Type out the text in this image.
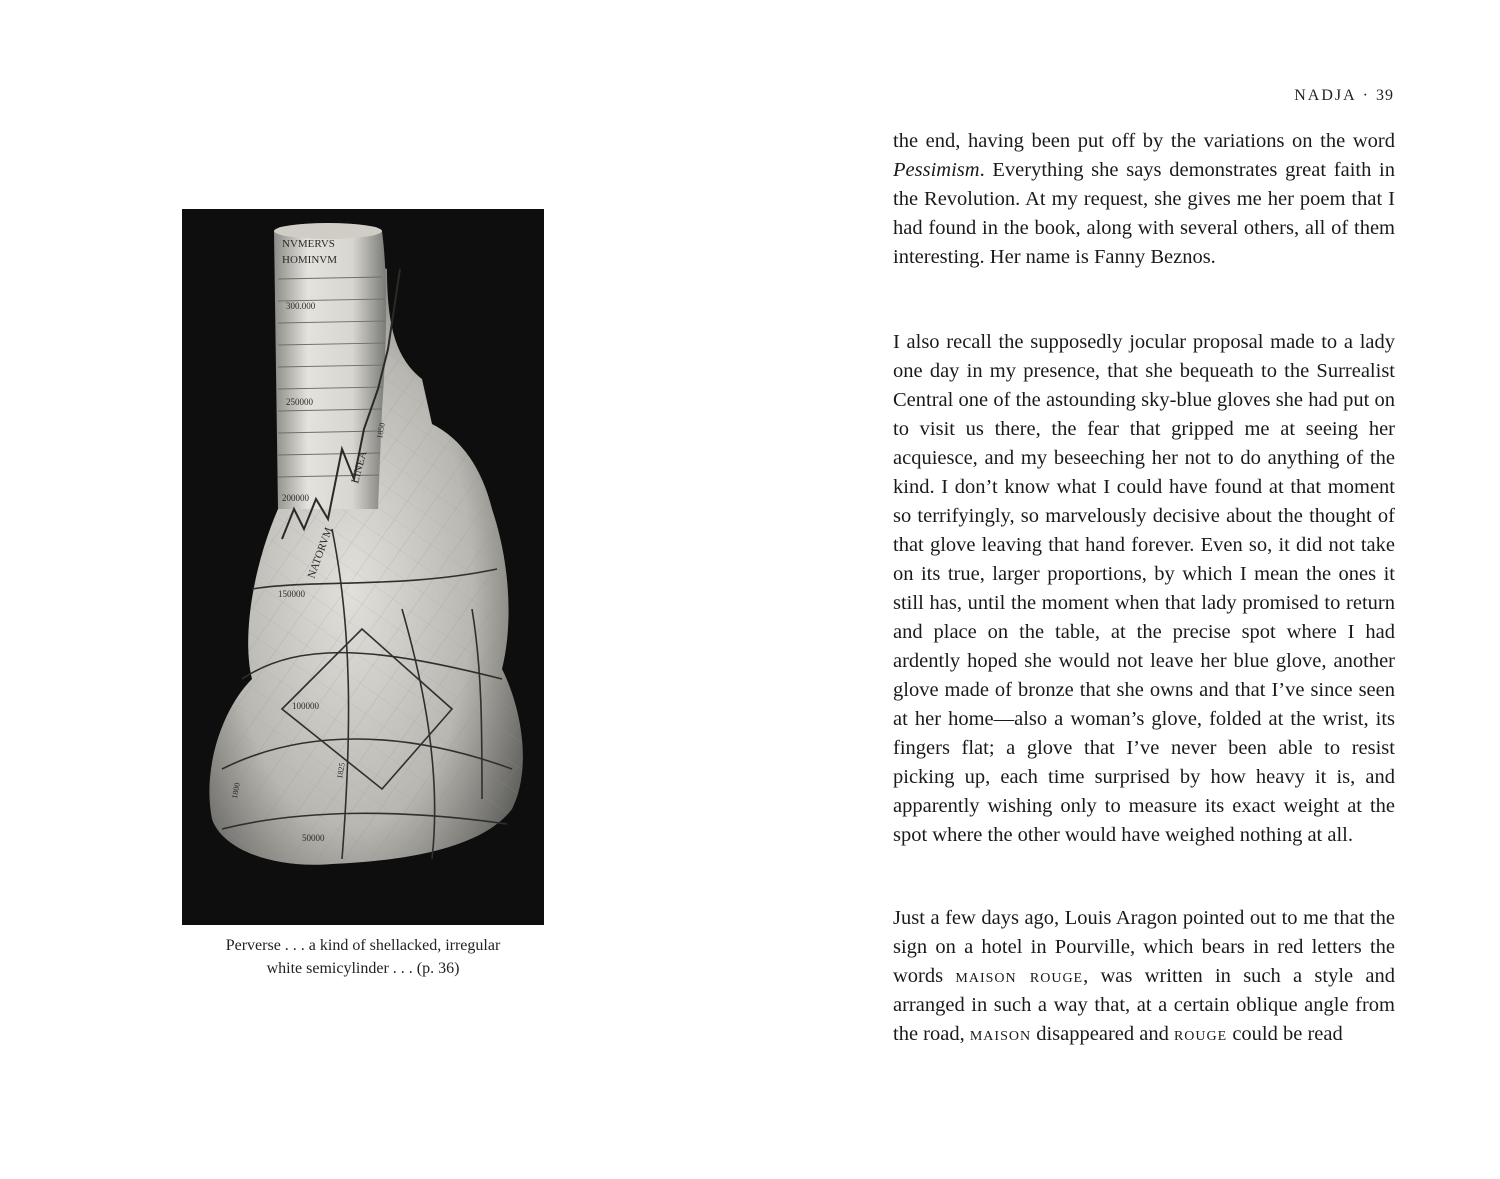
NVMERVS
HOMINVM
300.000
250000
200000
150000
100000
50000
NATORVM
LINEA
1800
1825
1850
Perverse . . . a kind of shellacked, irregular
white semicylinder . . . (p. 36)
NADJA · 39

the end, having been put off by the variations on the word Pessimism. Everything she says demonstrates great faith in the Revolution. At my request, she gives me her poem that I had found in the book, along with several others, all of them interesting. Her name is Fanny Beznos.

I also recall the supposedly jocular proposal made to a lady one day in my presence, that she bequeath to the Surrealist Central one of the astounding sky-blue gloves she had put on to visit us there, the fear that gripped me at seeing her acquiesce, and my beseeching her not to do anything of the kind. I don’t know what I could have found at that moment so terrifyingly, so marvelously decisive about the thought of that glove leaving that hand forever. Even so, it did not take on its true, larger proportions, by which I mean the ones it still has, until the moment when that lady promised to return and place on the table, at the precise spot where I had ardently hoped she would not leave her blue glove, another glove made of bronze that she owns and that I’ve since seen at her home—also a woman’s glove, folded at the wrist, its fingers flat; a glove that I’ve never been able to resist picking up, each time surprised by how heavy it is, and apparently wishing only to measure its exact weight at the spot where the other would have weighed nothing at all.

Just a few days ago, Louis Aragon pointed out to me that the sign on a hotel in Pourville, which bears in red letters the words maison rouge, was written in such a style and arranged in such a way that, at a certain oblique angle from the road, maison disappeared and rouge could be read
